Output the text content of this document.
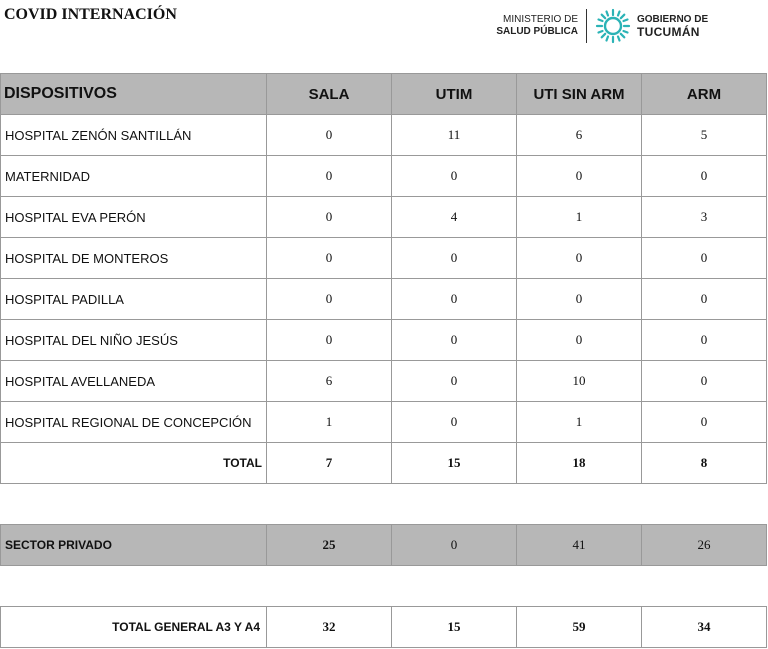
COVID INTERNACIÓN	MINISTERIO DE
SALUD PÚBLICA
GOBIERNO DE
TUCUMÁN
DISPOSITIVOS	SALA	UTIM	UTI SIN ARM	ARM
HOSPITAL ZENÓN SANTILLÁN	0	11	6	5
MATERNIDAD	0	0	0	0
HOSPITAL EVA PERÓN	0	4	1	3
HOSPITAL DE MONTEROS	0	0	0	0
HOSPITAL PADILLA	0	0	0	0
HOSPITAL DEL NIÑO JESÚS	0	0	0	0
HOSPITAL AVELLANEDA	6	0	10	0
HOSPITAL REGIONAL DE CONCEPCIÓN	1	0	1	0
TOTAL	7	15	18	8

SECTOR PRIVADO	25	0	41	26

TOTAL GENERAL A3 Y A4	32	15	59	34
